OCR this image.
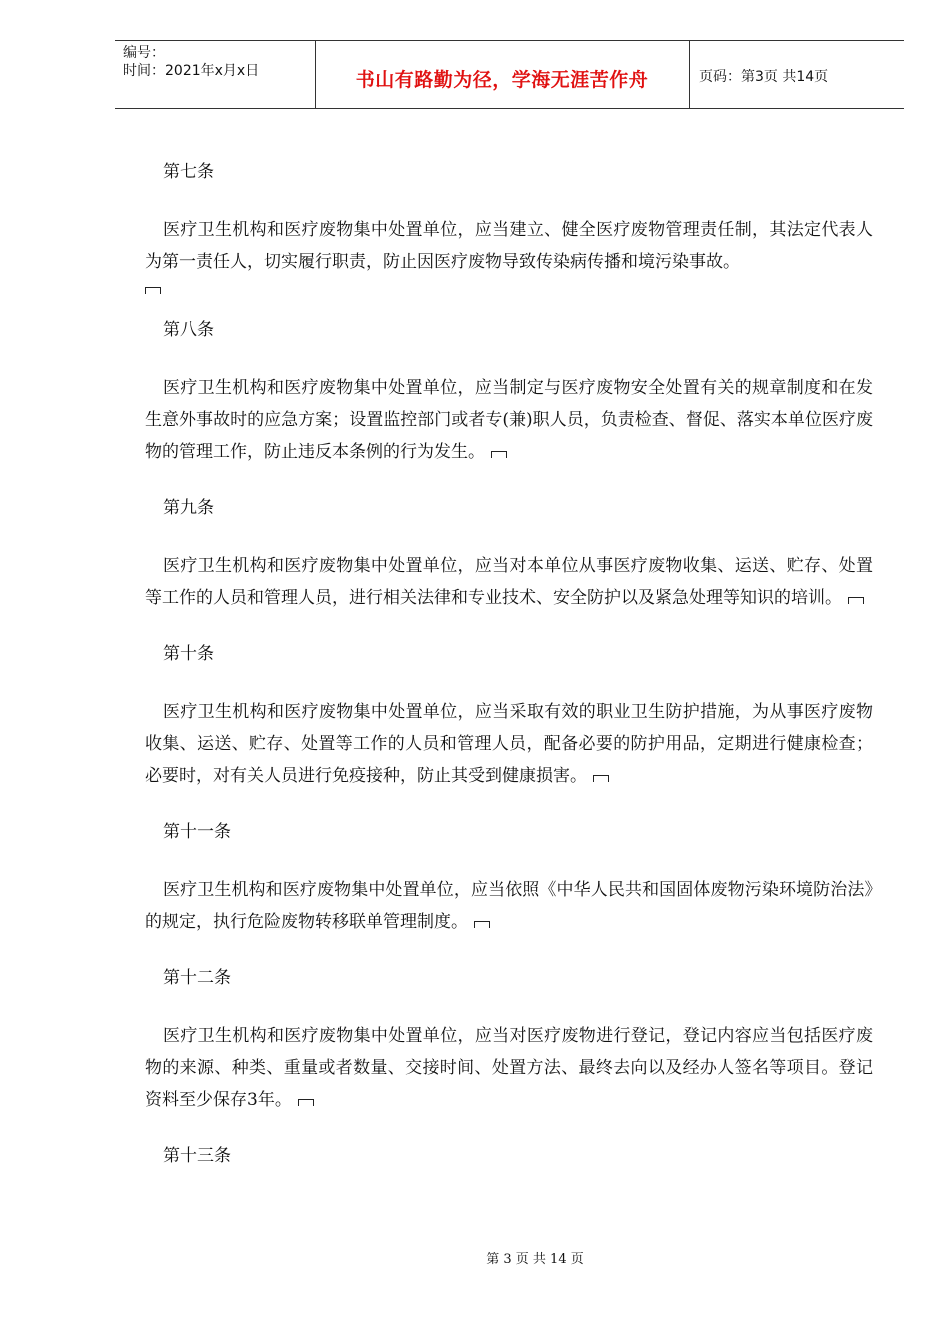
编号：
时间：2021年x月x日	书山有路勤为径，学海无涯苦作舟	页码：第3页 共14页

第七条

医疗卫生机构和医疗废物集中处置单位，应当建立、健全医疗废物管理责任制，其法定代表人为第一责任人，切实履行职责，防止因医疗废物导致传染病传播和境污染事故。

第八条

医疗卫生机构和医疗废物集中处置单位，应当制定与医疗废物安全处置有关的规章制度和在发生意外事故时的应急方案；设置监控部门或者专(兼)职人员，负责检查、督促、落实本单位医疗废物的管理工作，防止违反本条例的行为发生。

第九条

医疗卫生机构和医疗废物集中处置单位，应当对本单位从事医疗废物收集、运送、贮存、处置等工作的人员和管理人员，进行相关法律和专业技术、安全防护以及紧急处理等知识的培训。

第十条

医疗卫生机构和医疗废物集中处置单位，应当采取有效的职业卫生防护措施，为从事医疗废物收集、运送、贮存、处置等工作的人员和管理人员，配备必要的防护用品，定期进行健康检查；必要时，对有关人员进行免疫接种，防止其受到健康损害。

第十一条

医疗卫生机构和医疗废物集中处置单位，应当依照《中华人民共和国固体废物污染环境防治法》的规定，执行危险废物转移联单管理制度。

第十二条

医疗卫生机构和医疗废物集中处置单位，应当对医疗废物进行登记，登记内容应当包括医疗废物的来源、种类、重量或者数量、交接时间、处置方法、最终去向以及经办人签名等项目。登记资料至少保存3年。

第十三条

第 3 页 共 14 页
